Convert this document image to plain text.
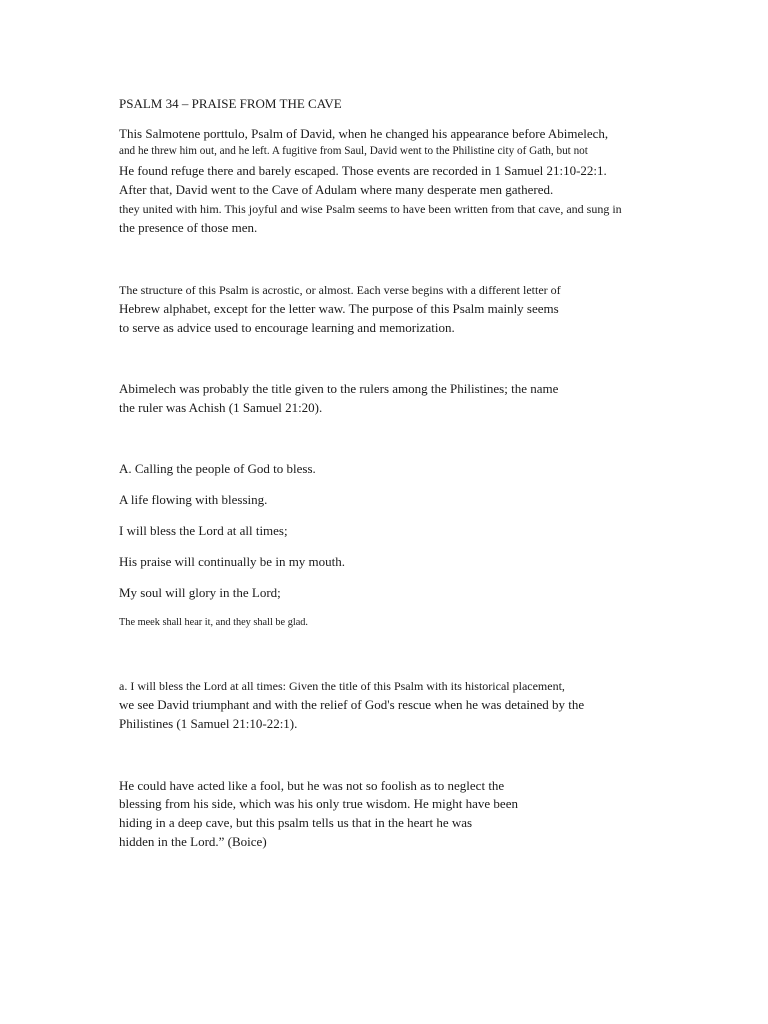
PSALM 34 – PRAISE FROM THE CAVE
This Salmotene porttulo, Psalm of David, when he changed his appearance before Abimelech,
and he threw him out, and he left. A fugitive from Saul, David went to the Philistine city of Gath, but not
He found refuge there and barely escaped. Those events are recorded in 1 Samuel 21:10-22:1.
After that, David went to the Cave of Adulam where many desperate men gathered.
they united with him. This joyful and wise Psalm seems to have been written from that cave, and sung in
the presence of those men.
The structure of this Psalm is acrostic, or almost. Each verse begins with a different letter of
Hebrew alphabet, except for the letter waw. The purpose of this Psalm mainly seems
to serve as advice used to encourage learning and memorization.
Abimelech was probably the title given to the rulers among the Philistines; the name
the ruler was Achish (1 Samuel 21:20).
A. Calling the people of God to bless.
A life flowing with blessing.
I will bless the Lord at all times;
His praise will continually be in my mouth.
My soul will glory in the Lord;
The meek shall hear it, and they shall be glad.
a. I will bless the Lord at all times: Given the title of this Psalm with its historical placement,
we see David triumphant and with the relief of God's rescue when he was detained by the
Philistines (1 Samuel 21:10-22:1).
He could have acted like a fool, but he was not so foolish as to neglect the
blessing from his side, which was his only true wisdom. He might have been
hiding in a deep cave, but this psalm tells us that in the heart he was
hidden in the Lord.” (Boice)
